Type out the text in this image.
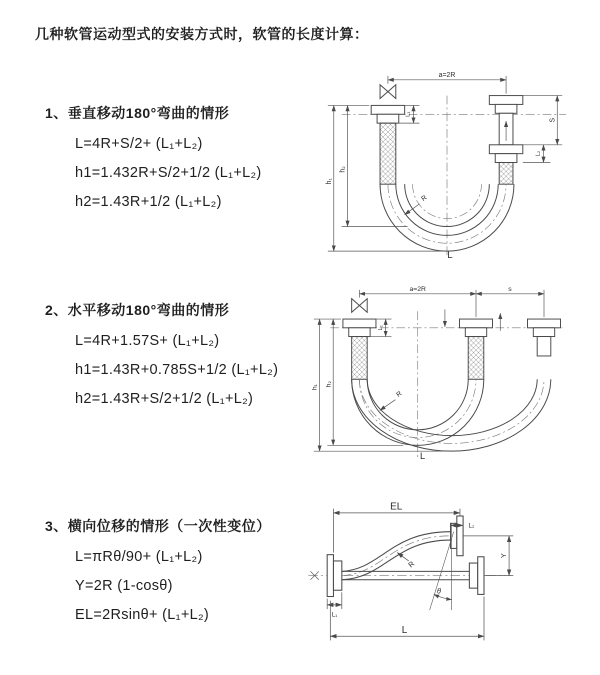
几种软管运动型式的安装方式时，软管的长度计算：
1、垂直移动180°弯曲的情形
L=4R+S/2+ (L₁+L₂)
h1=1.432R+S/2+1/2 (L₁+L₂)
h2=1.43R+1/2 (L₁+L₂)
a=2R
h₁
h₂
L₁
S
L₂
R
L
2、水平移动180°弯曲的情形
L=4R+1.57S+ (L₁+L₂)
h1=1.43R+0.785S+1/2 (L₁+L₂)
h2=1.43R+S/2+1/2 (L₁+L₂)
a=2R	s
h₁ h₂
L₁
R
L
3、横向位移的情形（一次性变位）
L=πRθ/90+ (L₁+L₂)
Y=2R (1-cosθ)
EL=2Rsinθ+ (L₁+L₂)
θ
EL
L₂
Y
R
L₁
L
